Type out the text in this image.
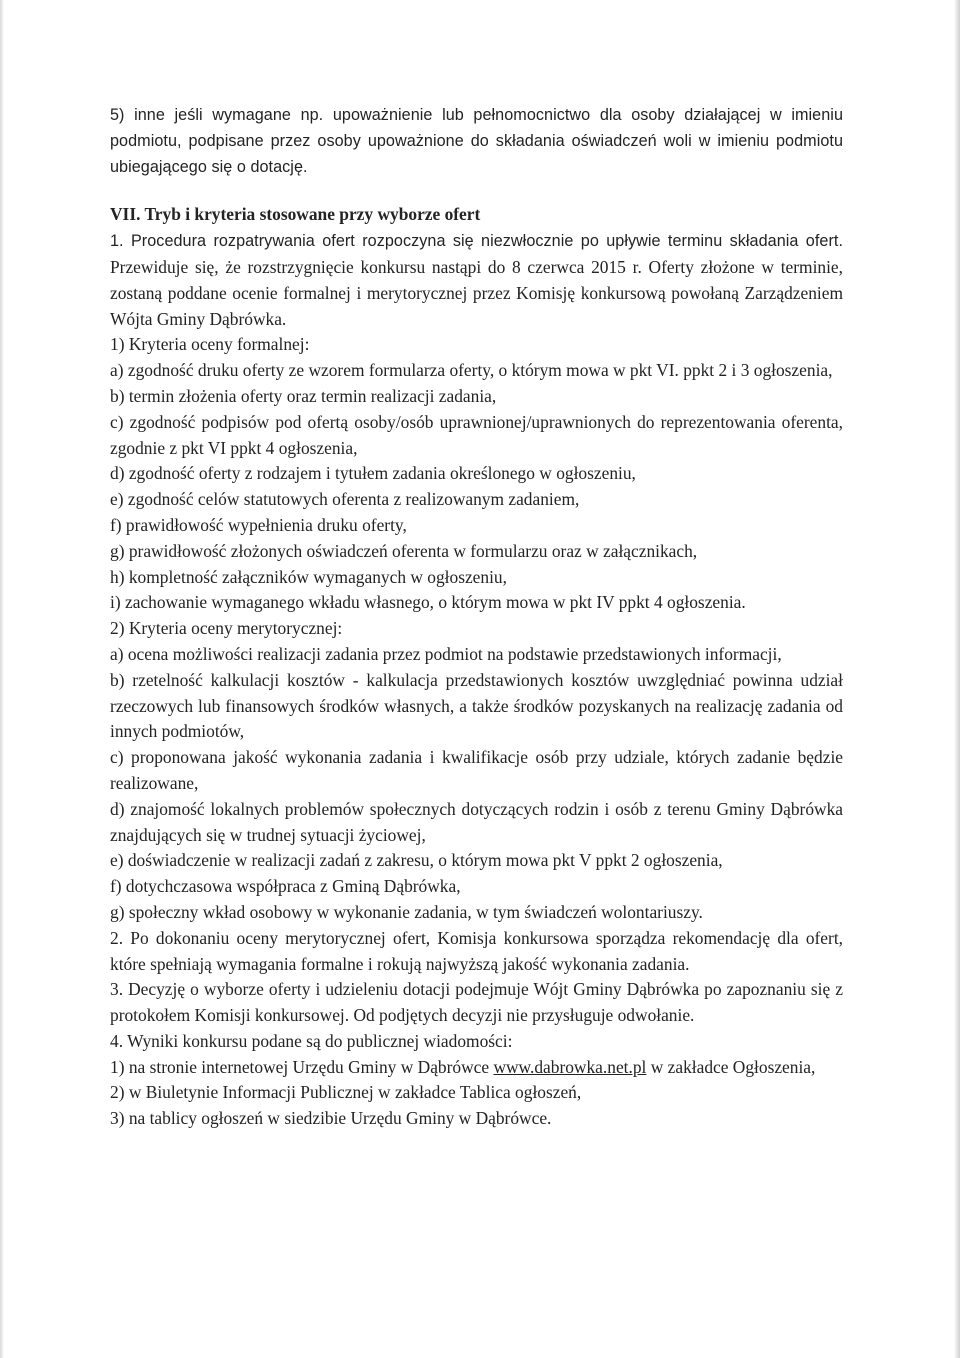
5) inne jeśli wymagane np. upoważnienie lub pełnomocnictwo dla osoby działającej w imieniu podmiotu, podpisane przez osoby upoważnione do składania oświadczeń woli w imieniu podmiotu ubiegającego się o dotację.

VII. Tryb i kryteria stosowane przy wyborze ofert

1. Procedura rozpatrywania ofert rozpoczyna się niezwłocznie po upływie terminu składania ofert. Przewiduje się, że rozstrzygnięcie konkursu nastąpi do 8 czerwca 2015 r. Oferty złożone w terminie, zostaną poddane ocenie formalnej i merytorycznej przez Komisję konkursową powołaną Zarządzeniem Wójta Gminy Dąbrówka.

1) Kryteria oceny formalnej:

a) zgodność druku oferty ze wzorem formularza oferty, o którym mowa w pkt VI. ppkt 2 i 3 ogłoszenia,

b) termin złożenia oferty oraz termin realizacji zadania,

c) zgodność podpisów pod ofertą osoby/osób uprawnionej/uprawnionych do reprezentowania oferenta, zgodnie z pkt VI ppkt 4 ogłoszenia,

d) zgodność oferty z rodzajem i tytułem zadania określonego w ogłoszeniu,

e) zgodność celów statutowych oferenta z realizowanym zadaniem,

f) prawidłowość wypełnienia druku oferty,

g) prawidłowość złożonych oświadczeń oferenta w formularzu oraz w załącznikach,

h) kompletność załączników wymaganych w ogłoszeniu,

i) zachowanie wymaganego wkładu własnego, o którym mowa w pkt IV ppkt 4 ogłoszenia.

2) Kryteria oceny merytorycznej:

a) ocena możliwości realizacji zadania przez podmiot na podstawie przedstawionych informacji,

b) rzetelność kalkulacji kosztów - kalkulacja przedstawionych kosztów uwzględniać powinna udział rzeczowych lub finansowych środków własnych, a także środków pozyskanych na realizację zadania od innych podmiotów,

c) proponowana jakość wykonania zadania i kwalifikacje osób przy udziale, których zadanie będzie realizowane,

d) znajomość lokalnych problemów społecznych dotyczących rodzin i osób z terenu Gminy Dąbrówka znajdujących się w trudnej sytuacji życiowej,

e) doświadczenie w realizacji zadań z zakresu, o którym mowa pkt V ppkt 2 ogłoszenia,

f) dotychczasowa współpraca z Gminą Dąbrówka,

g) społeczny wkład osobowy w wykonanie zadania, w tym świadczeń wolontariuszy.

2. Po dokonaniu oceny merytorycznej ofert, Komisja konkursowa sporządza rekomendację dla ofert, które spełniają wymagania formalne i rokują najwyższą jakość wykonania zadania.

3. Decyzję o wyborze oferty i udzieleniu dotacji podejmuje Wójt Gminy Dąbrówka po zapoznaniu się z protokołem Komisji konkursowej. Od podjętych decyzji nie przysługuje odwołanie.

4. Wyniki konkursu podane są do publicznej wiadomości:

1) na stronie internetowej Urzędu Gminy w Dąbrówce www.dabrowka.net.pl w zakładce Ogłoszenia,

2) w Biuletynie Informacji Publicznej w zakładce Tablica ogłoszeń,

3) na tablicy ogłoszeń w siedzibie Urzędu Gminy w Dąbrówce.
